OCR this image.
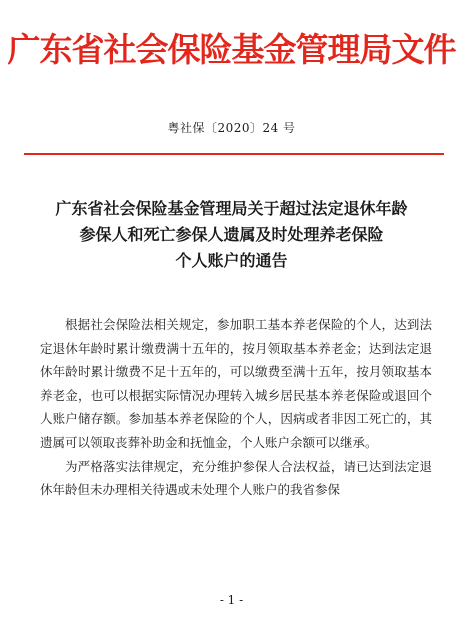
广东省社会保险基金管理局文件
粤社保〔2020〕24 号
广东省社会保险基金管理局关于超过法定退休年龄
参保人和死亡参保人遗属及时处理养老保险
个人账户的通告

根据社会保险法相关规定，参加职工基本养老保险的个人，达到法定退休年龄时累计缴费满十五年的，按月领取基本养老金；达到法定退休年龄时累计缴费不足十五年的，可以缴费至满十五年，按月领取基本养老金，也可以根据实际情况办理转入城乡居民基本养老保险或退回个人账户储存额。参加基本养老保险的个人，因病或者非因工死亡的，其遗属可以领取丧葬补助金和抚恤金，个人账户余额可以继承。

为严格落实法律规定，充分维护参保人合法权益，请已达到法定退休年龄但未办理相关待遇或未处理个人账户的我省参保

- 1 -
